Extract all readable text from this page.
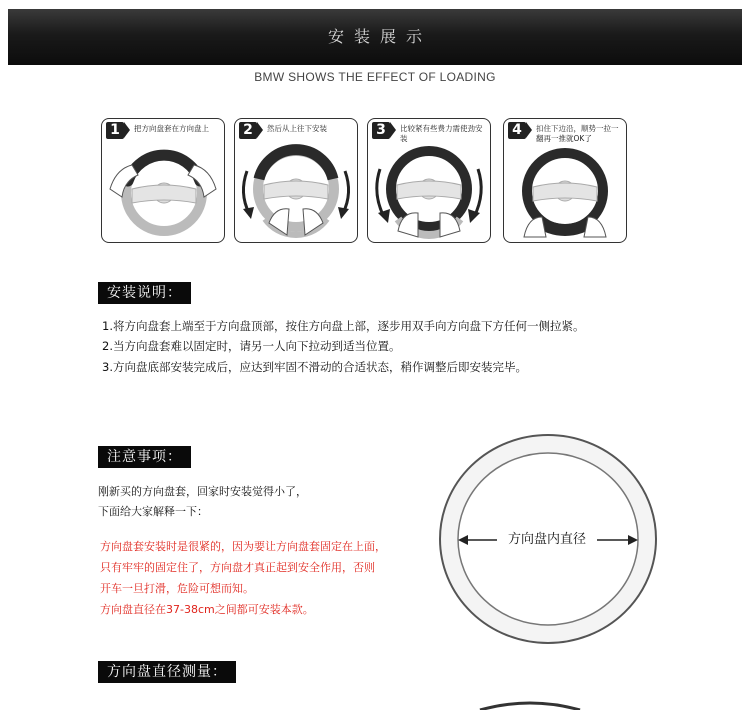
安装展示
BMW SHOWS THE EFFECT OF LOADING
1	把方向盘套在方向盘上	2	然后从上往下安装	3	比较紧有些费力需使劲安装
4	扣住下边沿，顺势一拉一翻再一推就OK了
安装说明：
1.将方向盘套上端至于方向盘顶部，按住方向盘上部，逐步用双手向方向盘下方任何一侧拉紧。
2.当方向盘套难以固定时，请另一人向下拉动到适当位置。
3.方向盘底部安装完成后，应达到牢固不滑动的合适状态，稍作调整后即安装完毕。
注意事项：
刚新买的方向盘套，回家时安装觉得小了，
下面给大家解释一下：
方向盘套安装时是很紧的，因为要让方向盘套固定在上面，
只有牢牢的固定住了，方向盘才真正起到安全作用，否则
开车一旦打滑，危险可想而知。
方向盘直径在37-38cm之间都可安装本款。
方向盘内直径
方向盘直径测量：
